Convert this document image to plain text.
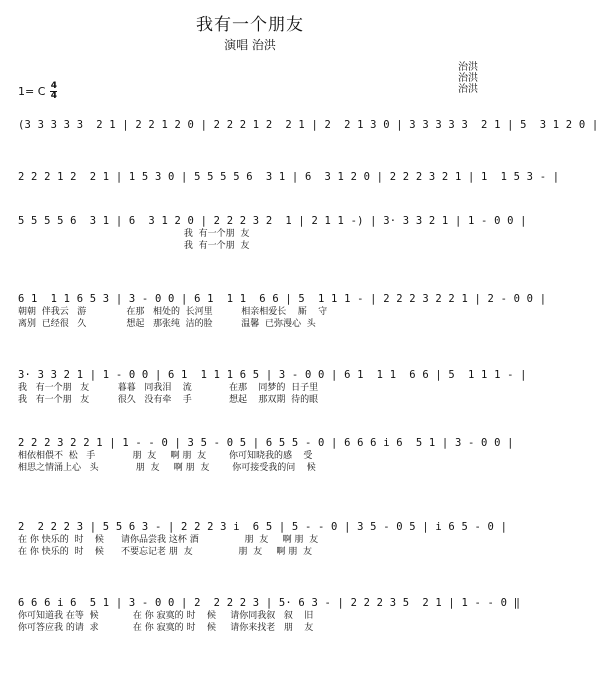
我有一个朋友
演唱 治洪
治洪
治洪
治洪
1= C 4
4
(3 3 3 3 3  2 1 | 2 2 1 2 0 | 2 2 2 1 2  2 1 | 2  2 1 3 0 | 3 3 3 3 3  2 1 | 5  3 1 2 0 |
2 2 2 1 2  2 1 | 1 5 3 0 | 5 5 5 5 6  3 1 | 6  3 1 2 0 | 2 2 2 3 2 1 | 1  1 5 3 - |
5 5 5 5 6  3 1 | 6  3 1 2 0 | 2 2 2 3 2  1 | 2 1 1 -) | 3· 3 3 2 1 | 1 - 0 0 |
我  有一个朋  友
我  有一个朋  友
6 1  1 1 6 5 3 | 3 - 0 0 | 6 1  1 1  6 6 | 5  1 1 1 - | 2 2 2 3 2 2 1 | 2 - 0 0 |
朝朝  伴我云   游              在那   相处的  长河里          相亲相爱长    厮    守
离别  已经很   久              想起   那张纯  洁的脸          温馨  已弥漫心  头
3· 3 3 2 1 | 1 - 0 0 | 6 1  1 1 1 6 5 | 3 - 0 0 | 6 1  1 1  6 6 | 5  1 1 1 - |
我   有一个朋   友          暮暮   同我泪    流             在那    同梦的  日子里
我   有一个朋   友          很久   没有牵    手             想起    那双期  待的眼
2 2 2 3 2 2 1 | 1 - - 0 | 3 5 - 0 5 | 6 5 5 - 0 | 6 6 6 i 6  5 1 | 3 - 0 0 |
相依相偎不  松   手             朋  友     啊 朋  友        你可知晓我的感    受
相思之情涌上心   头             朋  友     啊 朋  友        你可接受我的问    候
2  2 2 2 3 | 5 5 6 3 - | 2 2 2 3 i  6 5 | 5 - - 0 | 3 5 - 0 5 | i 6 5 - 0 |
在 你 快乐的  时    候      请你品尝我 这杯 酒                朋  友     啊 朋  友
在 你 快乐的  时    候      不要忘记老 朋  友                朋  友     啊 朋  友
6 6 6 i 6  5 1 | 3 - 0 0 | 2  2 2 2 3 | 5· 6 3 - | 2 2 2 3 5  2 1 | 1 - - 0 ‖
你可知道我 在等  候            在 你 寂寞的 时    候     请你同我叙   叙    旧
你可答应我 的请  求            在 你 寂寞的 时    候     请你来找老   朋    友
